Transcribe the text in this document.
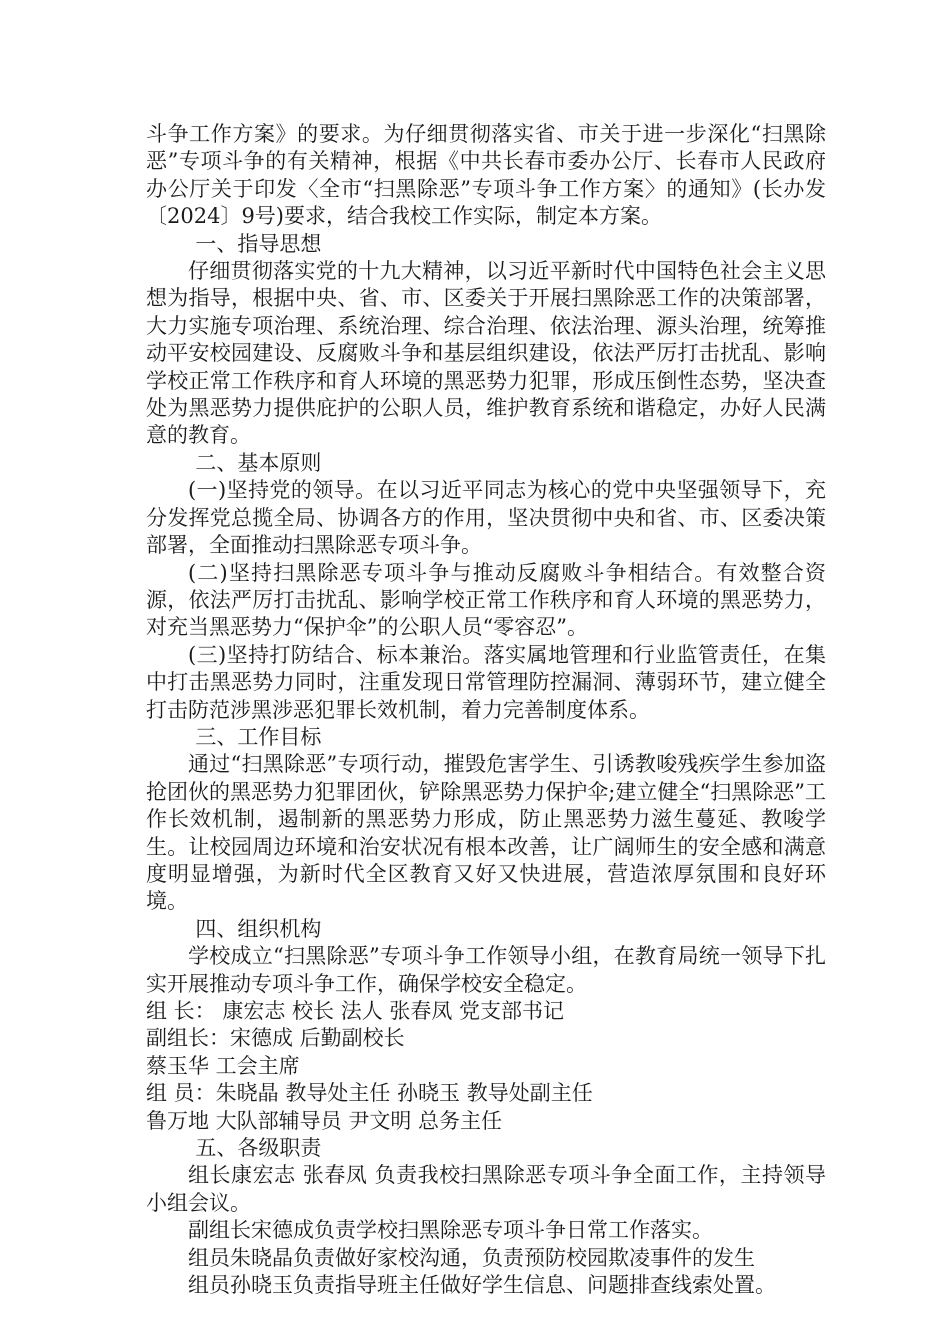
斗争工作方案》的要求。为仔细贯彻落实省、市关于进一步深化“扫黑除恶”专项斗争的有关精神，根据《中共长春市委办公厅、长春市人民政府办公厅关于印发〈全市“扫黑除恶”专项斗争工作方案〉的通知》(长办发〔2024〕9号)要求，结合我校工作实际，制定本方案。

一、指导思想

仔细贯彻落实党的十九大精神，以习近平新时代中国特色社会主义思想为指导，根据中央、省、市、区委关于开展扫黑除恶工作的决策部署，大力实施专项治理、系统治理、综合治理、依法治理、源头治理，统筹推动平安校园建设、反腐败斗争和基层组织建设，依法严厉打击扰乱、影响学校正常工作秩序和育人环境的黑恶势力犯罪，形成压倒性态势，坚决查处为黑恶势力提供庇护的公职人员，维护教育系统和谐稳定，办好人民满意的教育。

二、基本原则

(一)坚持党的领导。在以习近平同志为核心的党中央坚强领导下，充分发挥党总揽全局、协调各方的作用，坚决贯彻中央和省、市、区委决策部署，全面推动扫黑除恶专项斗争。

(二)坚持扫黑除恶专项斗争与推动反腐败斗争相结合。有效整合资源，依法严厉打击扰乱、影响学校正常工作秩序和育人环境的黑恶势力，对充当黑恶势力“保护伞”的公职人员“零容忍”。

(三)坚持打防结合、标本兼治。落实属地管理和行业监管责任，在集中打击黑恶势力同时，注重发现日常管理防控漏洞、薄弱环节，建立健全打击防范涉黑涉恶犯罪长效机制，着力完善制度体系。

三、工作目标

通过“扫黑除恶”专项行动，摧毁危害学生、引诱教唆残疾学生参加盗抢团伙的黑恶势力犯罪团伙，铲除黑恶势力保护伞;建立健全“扫黑除恶”工作长效机制，遏制新的黑恶势力形成，防止黑恶势力滋生蔓延、教唆学生。让校园周边环境和治安状况有根本改善，让广阔师生的安全感和满意度明显增强，为新时代全区教育又好又快进展，营造浓厚氛围和良好环境。

四、组织机构

学校成立“扫黑除恶”专项斗争工作领导小组，在教育局统一领导下扎实开展推动专项斗争工作，确保学校安全稳定。

组 长： 康宏志 校长 法人 张春凤 党支部书记

副组长：宋德成 后勤副校长

蔡玉华 工会主席

组 员：朱晓晶 教导处主任 孙晓玉 教导处副主任

鲁万地 大队部辅导员 尹文明 总务主任

五、各级职责

组长康宏志 张春凤 负责我校扫黑除恶专项斗争全面工作，主持领导小组会议。

副组长宋德成负责学校扫黑除恶专项斗争日常工作落实。

组员朱晓晶负责做好家校沟通，负责预防校园欺凌事件的发生

组员孙晓玉负责指导班主任做好学生信息、问题排查线索处置。
